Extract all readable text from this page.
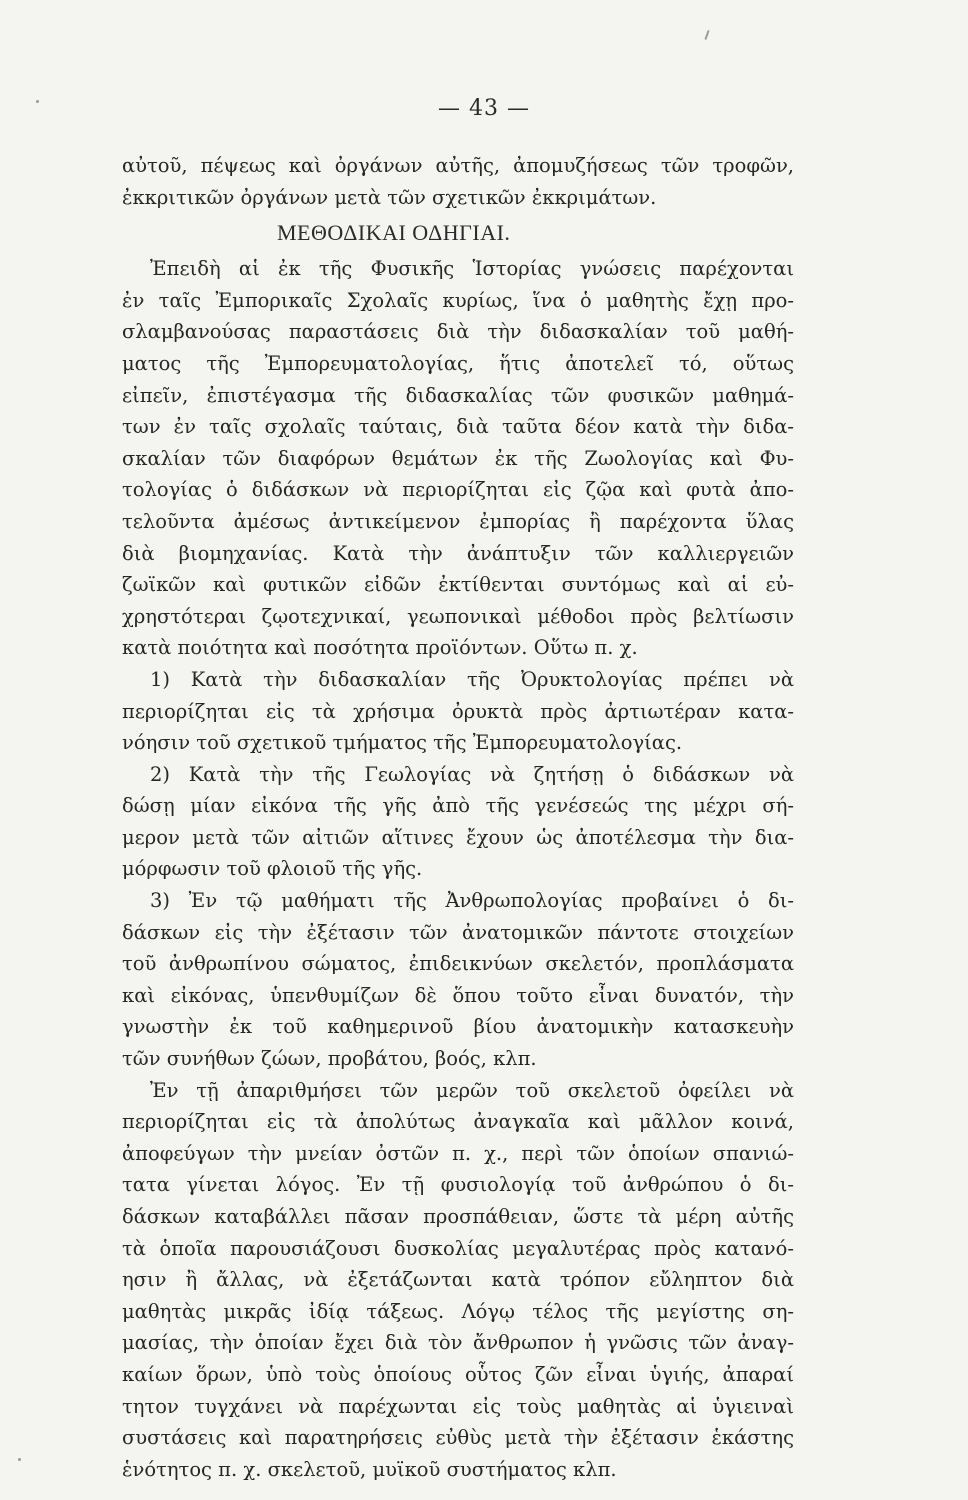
— 43 —
αὐτοῦ, πέψεως καὶ ὀργάνων αὐτῆς, ἀπομυζήσεως τῶν τροφῶν,
ἐκκριτικῶν ὀργάνων μετὰ τῶν σχετικῶν ἐκκριμάτων.
ΜΕΘΟΔΙΚΑΙ ΟΔΗΓΙΑΙ.
Ἐπειδὴ αἱ ἐκ τῆς Φυσικῆς Ἱστορίας γνώσεις παρέχονται
ἐν ταῖς Ἐμπορικαῖς Σχολαῖς κυρίως, ἵνα ὁ μαθητὴς ἔχῃ προ-
σλαμβανούσας παραστάσεις διὰ τὴν διδασκαλίαν τοῦ μαθή-
ματος τῆς Ἐμπορευματολογίας, ἥτις ἀποτελεῖ τό, οὕτως
εἰπεῖν, ἐπιστέγασμα τῆς διδασκαλίας τῶν φυσικῶν μαθημά-
των ἐν ταῖς σχολαῖς ταύταις, διὰ ταῦτα δέον κατὰ τὴν διδα-
σκαλίαν τῶν διαφόρων θεμάτων ἐκ τῆς Ζωολογίας καὶ Φυ-
τολογίας ὁ διδάσκων νὰ περιορίζηται εἰς ζῷα καὶ φυτὰ ἀπο-
τελοῦντα ἀμέσως ἀντικείμενον ἐμπορίας ἢ παρέχοντα ὕλας
διὰ βιομηχανίας. Κατὰ τὴν ἀνάπτυξιν τῶν καλλιεργειῶν
ζωϊκῶν καὶ φυτικῶν εἰδῶν ἐκτίθενται συντόμως καὶ αἱ εὐ-
χρηστότεραι ζῳοτεχνικαί, γεωπονικαὶ μέθοδοι πρὸς βελτίωσιν
κατὰ ποιότητα καὶ ποσότητα προϊόντων. Οὕτω π. χ.
1) Κατὰ τὴν διδασκαλίαν τῆς Ὀρυκτολογίας πρέπει νὰ
περιορίζηται εἰς τὰ χρήσιμα ὀρυκτὰ πρὸς ἀρτιωτέραν κατα-
νόησιν τοῦ σχετικοῦ τμήματος τῆς Ἐμπορευματολογίας.
2) Κατὰ τὴν τῆς Γεωλογίας νὰ ζητήσῃ ὁ διδάσκων νὰ
δώσῃ μίαν εἰκόνα τῆς γῆς ἀπὸ τῆς γενέσεώς της μέχρι σή-
μερον μετὰ τῶν αἰτιῶν αἵτινες ἔχουν ὡς ἀποτέλεσμα τὴν δια-
μόρφωσιν τοῦ φλοιοῦ τῆς γῆς.
3) Ἐν τῷ μαθήματι τῆς Ἀνθρωπολογίας προβαίνει ὁ δι-
δάσκων εἰς τὴν ἐξέτασιν τῶν ἀνατομικῶν πάντοτε στοιχείων
τοῦ ἀνθρωπίνου σώματος, ἐπιδεικνύων σκελετόν, προπλάσματα
καὶ εἰκόνας, ὑπενθυμίζων δὲ ὅπου τοῦτο εἶναι δυνατόν, τὴν
γνωστὴν ἐκ τοῦ καθημερινοῦ βίου ἀνατομικὴν κατασκευὴν
τῶν συνήθων ζώων, προβάτου, βοός, κλπ.
Ἐν τῇ ἀπαριθμήσει τῶν μερῶν τοῦ σκελετοῦ ὀφείλει νὰ
περιορίζηται εἰς τὰ ἀπολύτως ἀναγκαῖα καὶ μᾶλλον κοινά,
ἀποφεύγων τὴν μνείαν ὀστῶν π. χ., περὶ τῶν ὁποίων σπανιώ-
τατα γίνεται λόγος. Ἐν τῇ φυσιολογίᾳ τοῦ ἀνθρώπου ὁ δι-
δάσκων καταβάλλει πᾶσαν προσπάθειαν, ὥστε τὰ μέρη αὐτῆς
τὰ ὁποῖα παρουσιάζουσι δυσκολίας μεγαλυτέρας πρὸς κατανό-
ησιν ἢ ἄλλας, νὰ ἐξετάζωνται κατὰ τρόπον εὔληπτον διὰ
μαθητὰς μικρᾶς ἰδίᾳ τάξεως. Λόγῳ τέλος τῆς μεγίστης ση-
μασίας, τὴν ὁποίαν ἔχει διὰ τὸν ἄνθρωπον ἡ γνῶσις τῶν ἀναγ-
καίων ὅρων, ὑπὸ τοὺς ὁποίους οὗτος ζῶν εἶναι ὑγιής, ἀπαραί
τητον τυγχάνει νὰ παρέχωνται εἰς τοὺς μαθητὰς αἱ ὑγιειναὶ
συστάσεις καὶ παρατηρήσεις εὐθὺς μετὰ τὴν ἐξέτασιν ἑκάστης
ἑνότητος π. χ. σκελετοῦ, μυϊκοῦ συστήματος κλπ.
